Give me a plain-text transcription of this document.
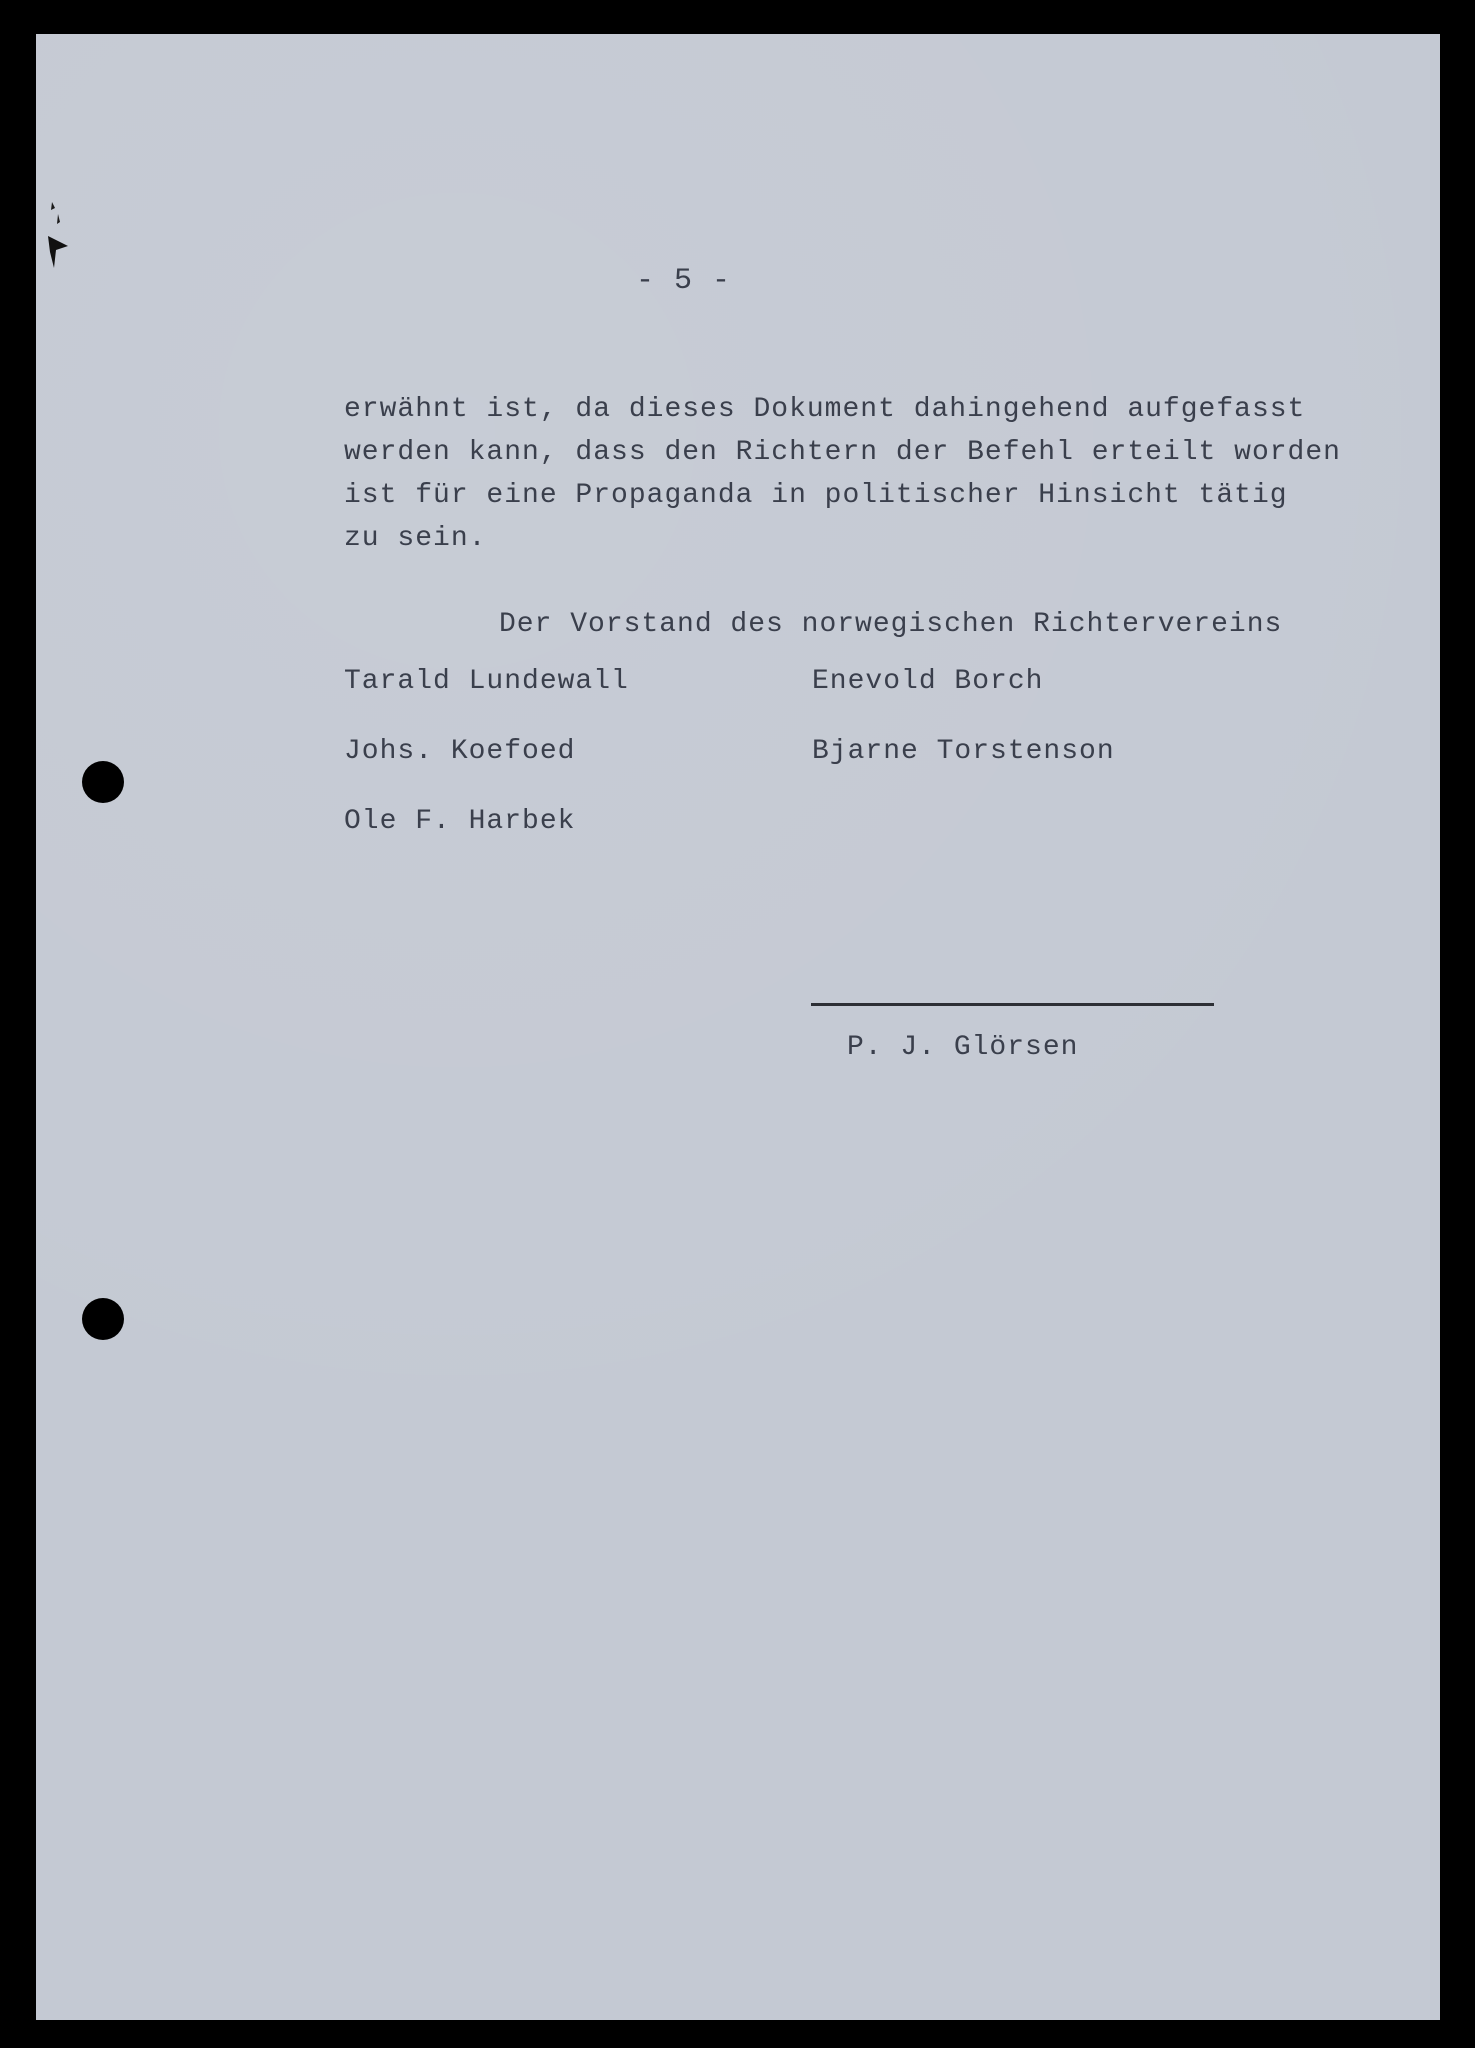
- 5 -
erwähnt ist, da dieses Dokument dahingehend aufgefasst
werden kann, dass den Richtern der Befehl erteilt worden
ist für eine Propaganda in politischer Hinsicht tätig
zu sein.
Der Vorstand des norwegischen Richtervereins
Tarald Lundewall	Enevold Borch
Johs. Koefoed	Bjarne Torstenson
Ole F. Harbek
P. J. Glörsen
